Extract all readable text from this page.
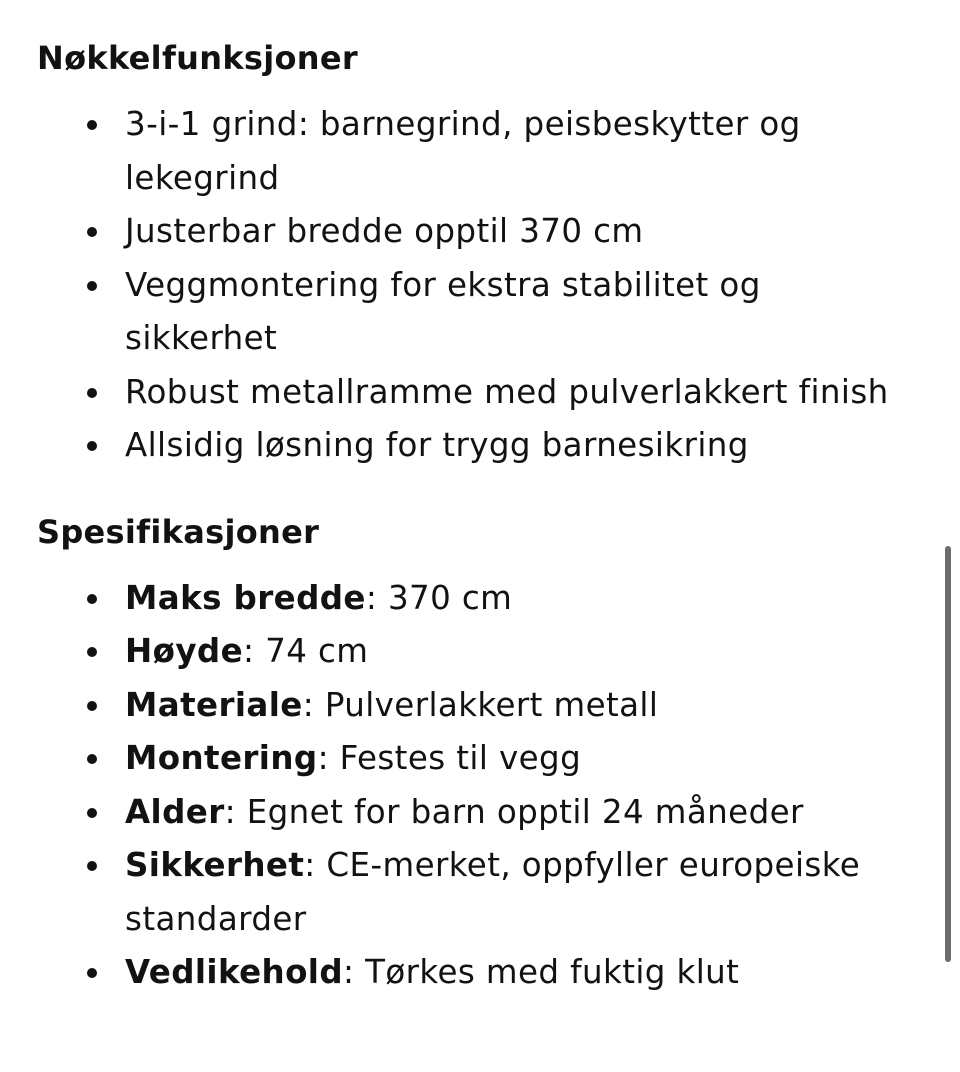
Nøkkelfunksjoner
3-i-1 grind: barnegrind, peisbeskytter og lekegrind
Justerbar bredde opptil 370 cm
Veggmontering for ekstra stabilitet og sikkerhet
Robust metallramme med pulverlakkert finish
Allsidig løsning for trygg barnesikring
Spesifikasjoner
Maks bredde: 370 cm
Høyde: 74 cm
Materiale: Pulverlakkert metall
Montering: Festes til vegg
Alder: Egnet for barn opptil 24 måneder
Sikkerhet: CE-merket, oppfyller europeiske standarder
Vedlikehold: Tørkes med fuktig klut
